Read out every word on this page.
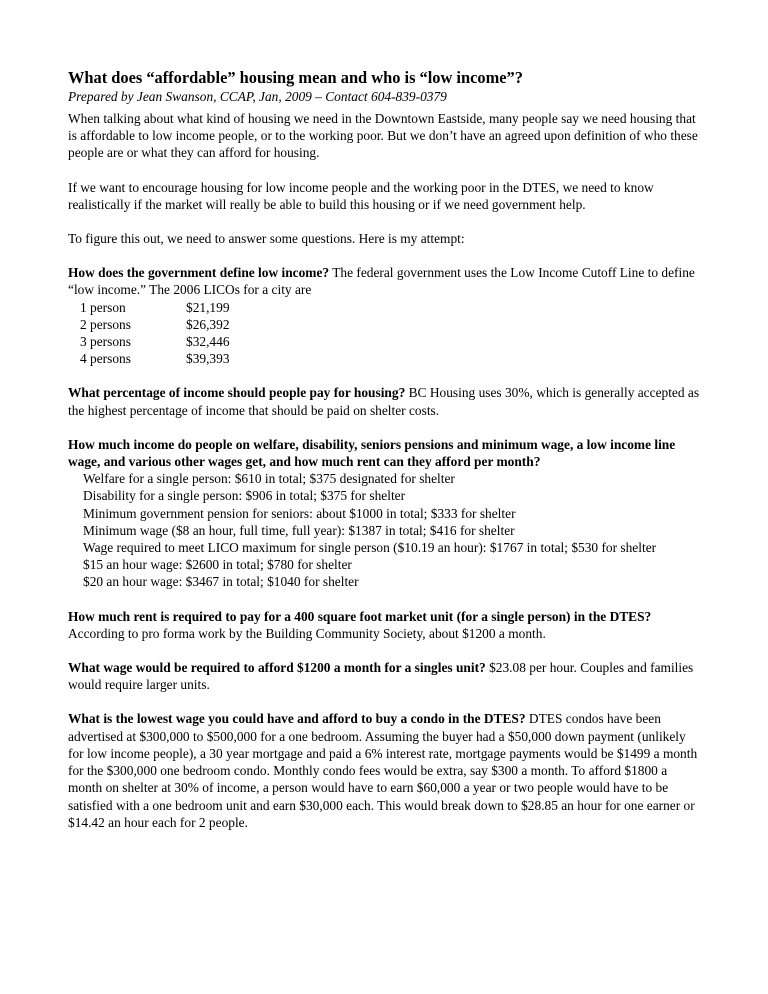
What does “affordable” housing mean and who is “low income”?

Prepared by Jean Swanson, CCAP, Jan, 2009 – Contact 604-839-0379

When talking about what kind of housing we need in the Downtown Eastside, many people say we need housing that is affordable to low income people, or to the working poor. But we don’t have an agreed upon definition of who these people are or what they can afford for housing.

If we want to encourage housing for low income people and the working poor in the DTES, we need to know realistically if the market will really be able to build this housing or if we need government help.

To figure this out, we need to answer some questions. Here is my attempt:

How does the government define low income? The federal government uses the Low Income Cutoff Line to define “low income.” The 2006 LICOs for a city are

1 person	$21,199
2 persons	$26,392
3 persons	$32,446
4 persons	$39,393

What percentage of income should people pay for housing? BC Housing uses 30%, which is generally accepted as the highest percentage of income that should be paid on shelter costs.

How much income do people on welfare, disability, seniors pensions and minimum wage, a low income line wage, and various other wages get, and how much rent can they afford per month?

Welfare for a single person: $610 in total; $375 designated for shelter

Disability for a single person: $906 in total; $375 for shelter

Minimum government pension for seniors: about $1000 in total; $333 for shelter

Minimum wage ($8 an hour, full time, full year): $1387 in total; $416 for shelter

Wage required to meet LICO maximum for single person ($10.19 an hour): $1767 in total; $530 for shelter

$15 an hour wage: $2600 in total; $780 for shelter

$20 an hour wage: $3467 in total; $1040 for shelter

How much rent is required to pay for a 400 square foot market unit (for a single person) in the DTES? According to pro forma work by the Building Community Society, about $1200 a month.

What wage would be required to afford $1200 a month for a singles unit? $23.08 per hour. Couples and families would require larger units.

What is the lowest wage you could have and afford to buy a condo in the DTES? DTES condos have been advertised at $300,000 to $500,000 for a one bedroom. Assuming the buyer had a $50,000 down payment (unlikely for low income people), a 30 year mortgage and paid a 6% interest rate, mortgage payments would be $1499 a month for the $300,000 one bedroom condo. Monthly condo fees would be extra, say $300 a month. To afford $1800 a month on shelter at 30% of income, a person would have to earn $60,000 a year or two people would have to be satisfied with a one bedroom unit and earn $30,000 each. This would break down to $28.85 an hour for one earner or $14.42 an hour each for 2 people.
